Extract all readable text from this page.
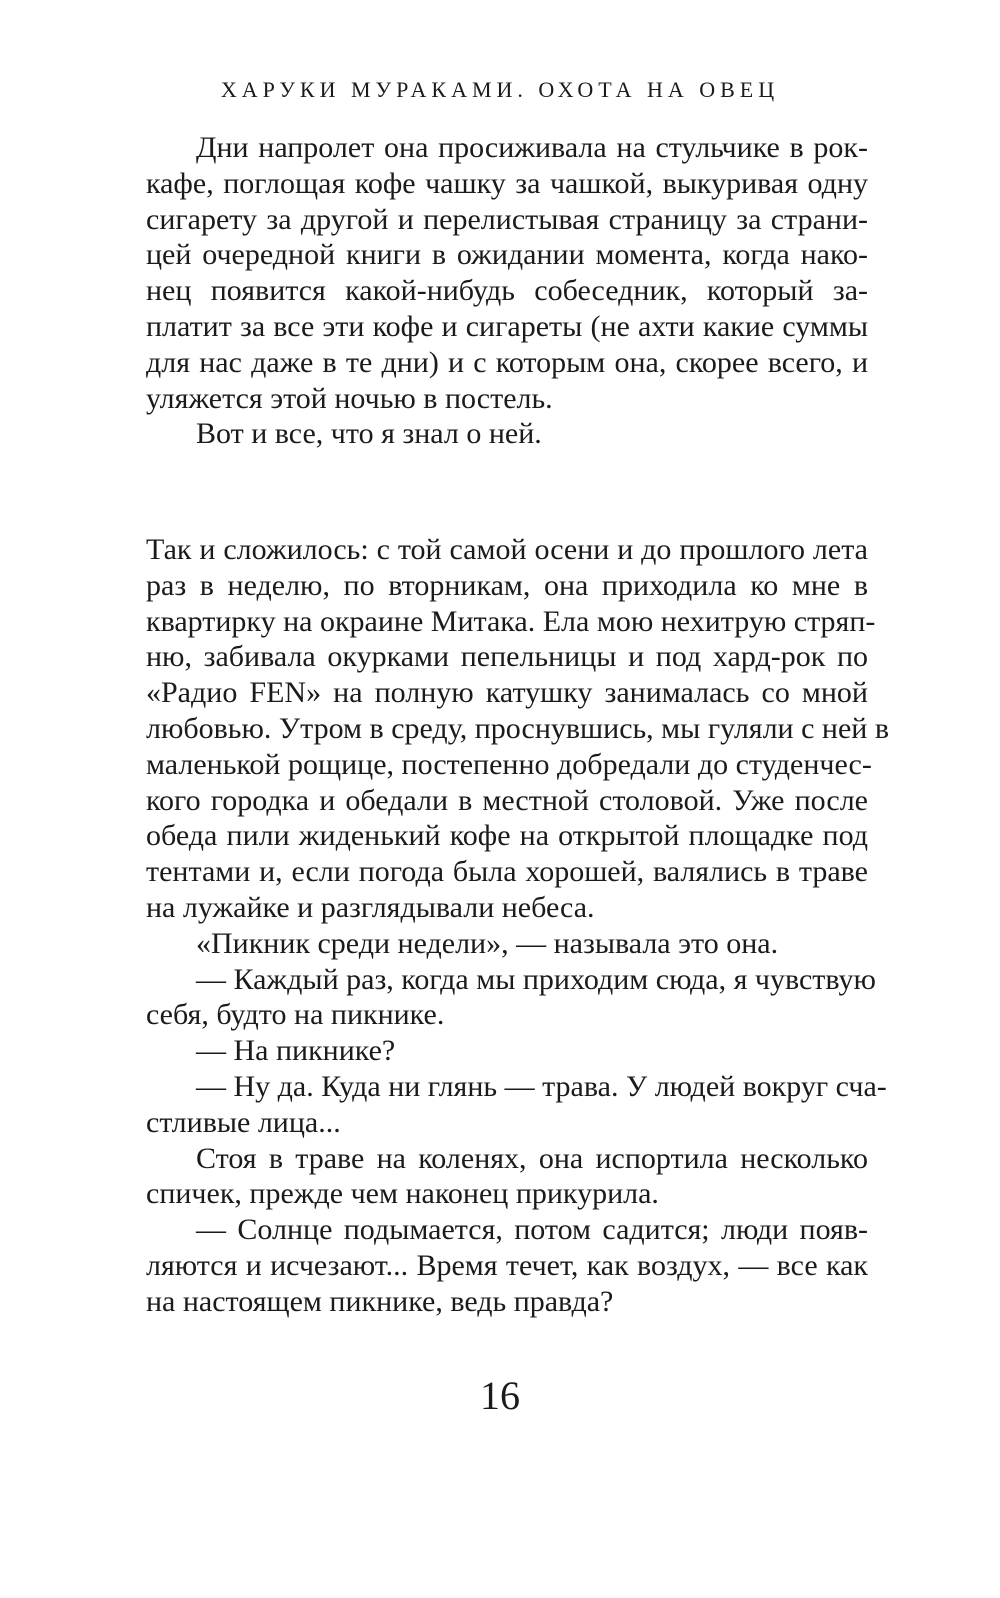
ХАРУКИ МУРАКАМИ. ОХОТА НА ОВЕЦ
Дни напролет она просиживала на стульчике в рок-
кафе, поглощая кофе чашку за чашкой, выкуривая одну
сигарету за другой и перелистывая страницу за страни-
цей очередной книги в ожидании момента, когда нако-
нец появится какой-нибудь собеседник, который за-
платит за все эти кофе и сигареты (не ахти какие суммы
для нас даже в те дни) и с которым она, скорее всего, и
уляжется этой ночью в постель.
Вот и все, что я знал о ней.
Так и сложилось: с той самой осени и до прошлого лета
раз в неделю, по вторникам, она приходила ко мне в
квартирку на окраине Митака. Ела мою нехитрую стряп-
ню, забивала окурками пепельницы и под хард-рок по
«Радио FEN» на полную катушку занималась со мной
любовью. Утром в среду, проснувшись, мы гуляли с ней в
маленькой рощице, постепенно добредали до студенчес-
кого городка и обедали в местной столовой. Уже после
обеда пили жиденький кофе на открытой площадке под
тентами и, если погода была хорошей, валялись в траве
на лужайке и разглядывали небеса.
«Пикник среди недели», — называла это она.
— Каждый раз, когда мы приходим сюда, я чувствую
себя, будто на пикнике.
— На пикнике?
— Ну да. Куда ни глянь — трава. У людей вокруг сча-
стливые лица...
Стоя в траве на коленях, она испортила несколько
спичек, прежде чем наконец прикурила.
— Солнце подымается, потом садится; люди появ-
ляются и исчезают... Время течет, как воздух, — все как
на настоящем пикнике, ведь правда?
16
